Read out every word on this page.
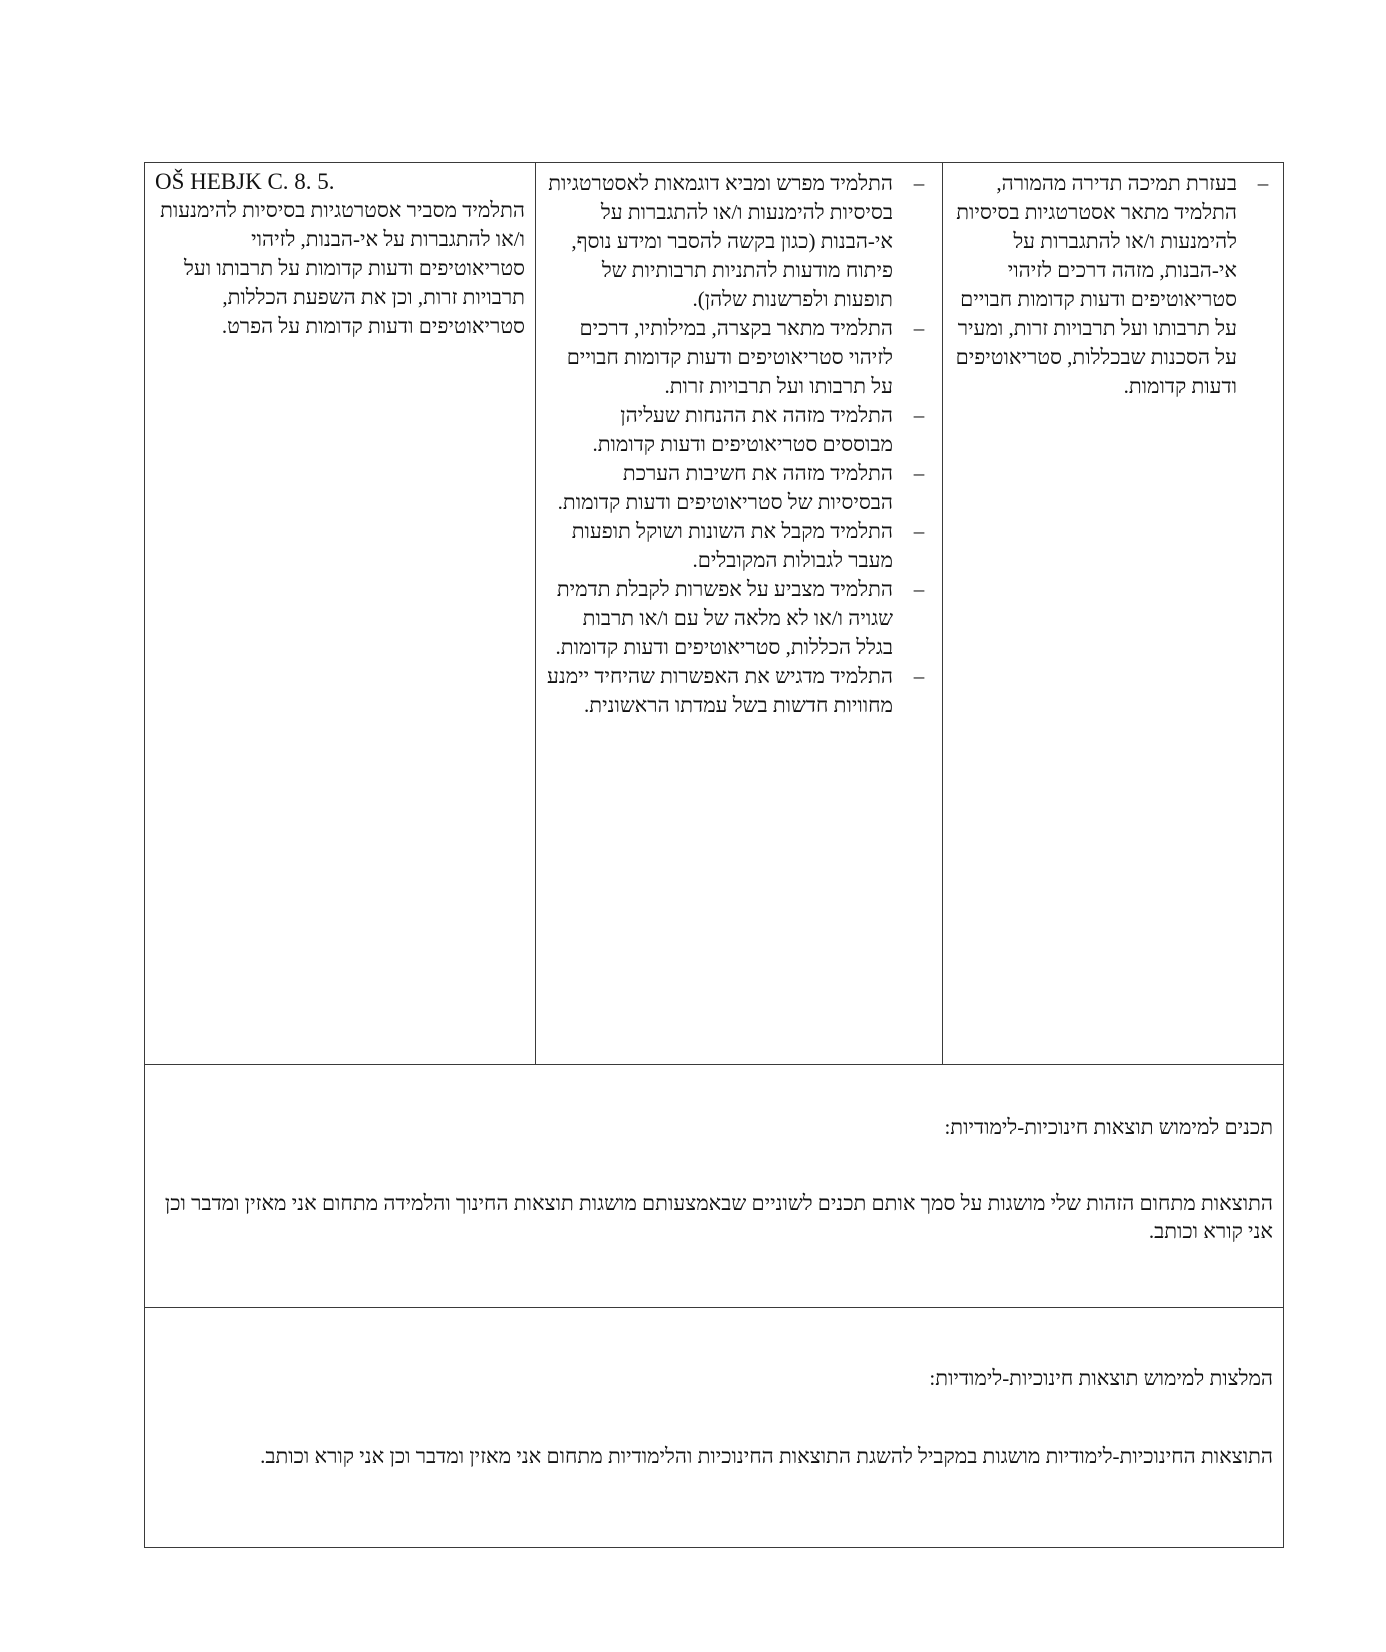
OŠ HEBJK C. 8. 5.

התלמיד מסביר אסטרטגיות בסיסיות להימנעות ו/או להתגברות על אי-הבנות, לזיהוי סטריאוטיפים ודעות קדומות על תרבותו ועל תרבויות זרות, וכן את השפעת הכללות, סטריאוטיפים ודעות קדומות על הפרט.

–
התלמיד מפרש ומביא דוגמאות לאסטרטגיות בסיסיות להימנעות ו/או להתגברות על אי-הבנות (כגון בקשה להסבר ומידע נוסף, פיתוח מודעות להתניות תרבותיות של תופעות ולפרשנות שלהן).
–
התלמיד מתאר בקצרה, במילותיו, דרכים לזיהוי סטריאוטיפים ודעות קדומות חבויים על תרבותו ועל תרבויות זרות.
–
התלמיד מזהה את ההנחות שעליהן מבוססים סטריאוטיפים ודעות קדומות.
–
התלמיד מזהה את חשיבות הערכת הבסיסיות של סטריאוטיפים ודעות קדומות.
–
התלמיד מקבל את השונות ושוקל תופעות מעבר לגבולות המקובלים.
–
התלמיד מצביע על אפשרות לקבלת תדמית שגויה ו/או לא מלאה של עם ו/או תרבות בגלל הכללות, סטריאוטיפים ודעות קדומות.
–
התלמיד מדגיש את האפשרות שהיחיד יימנע מחוויות חדשות בשל עמדתו הראשונית.
–
בעזרת תמיכה תדירה מהמורה, התלמיד מתאר אסטרטגיות בסיסיות להימנעות ו/או להתגברות על אי-הבנות, מזהה דרכים לזיהוי סטריאוטיפים ודעות קדומות חבויים על תרבותו ועל תרבויות זרות, ומעיר על הסכנות שבכללות, סטריאוטיפים ודעות קדומות.
תכנים למימוש תוצאות חינוכיות-לימודיות:
התוצאות מתחום הזהות שלי מושגות על סמך אותם תכנים לשוניים שבאמצעותם מושגות תוצאות החינוך והלמידה מתחום אני מאזין ומדבר וכן אני קורא וכותב.
המלצות למימוש תוצאות חינוכיות-לימודיות:
התוצאות החינוכיות-לימודיות מושגות במקביל להשגת התוצאות החינוכיות והלימודיות מתחום אני מאזין ומדבר וכן אני קורא וכותב.
